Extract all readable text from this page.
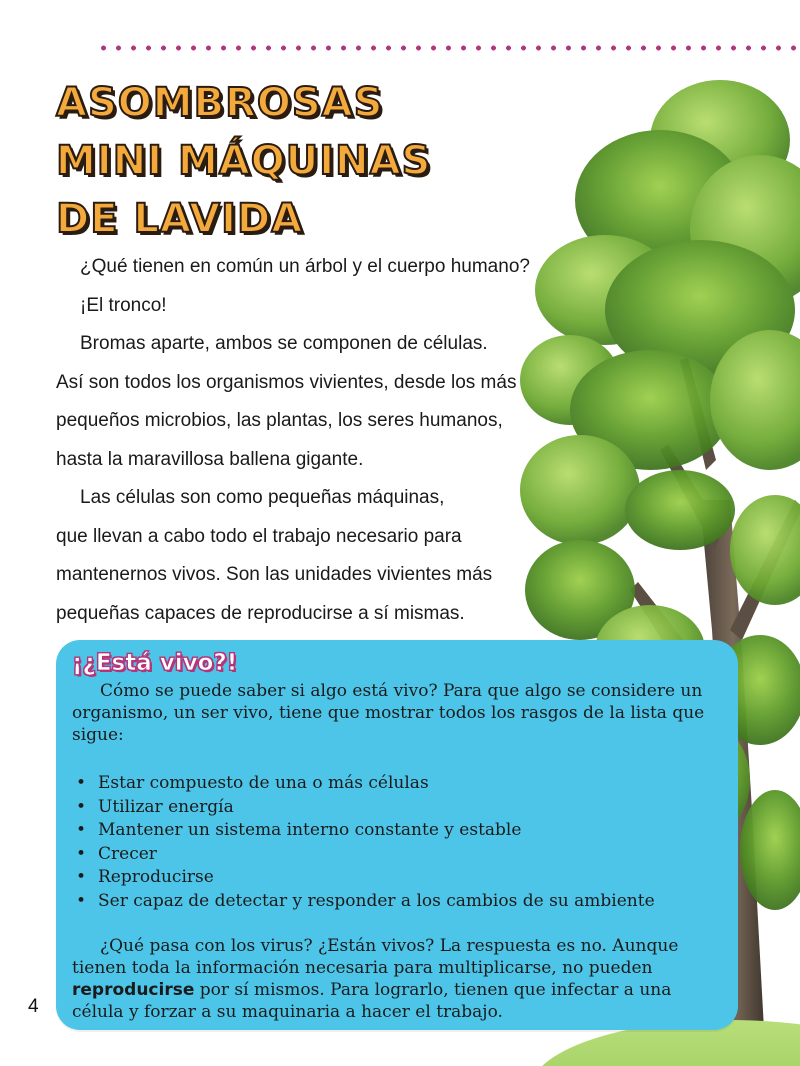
ASOMBROSAS
MINI MÁQUINAS
DE LAVIDA

¿Qué tienen en común un árbol y el cuerpo humano?

¡El tronco!

Bromas aparte, ambos se componen de células.

Así son todos los organismos vivientes, desde los más

pequeños microbios, las plantas, los seres humanos,

hasta la maravillosa ballena gigante.

Las células son como pequeñas máquinas,

que llevan a cabo todo el trabajo necesario para

mantenernos vivos. Son las unidades vivientes más

pequeñas capaces de reproducirse a sí mismas.

¡¿Está vivo?!

Cómo se puede saber si algo está vivo? Para que algo se considere un organismo, un ser vivo, tiene que mostrar todos los rasgos de la lista que sigue:

• Estar compuesto de una o más células
• Utilizar energía
• Mantener un sistema interno constante y estable
• Crecer
• Reproducirse
• Ser capaz de detectar y responder a los cambios de su ambiente

¿Qué pasa con los virus? ¿Están vivos? La respuesta es no. Aunque tienen toda la información necesaria para multiplicarse, no pueden reproducirse por sí mismos. Para lograrlo, tienen que infectar a una célula y forzar a su maquinaria a hacer el trabajo.

4
